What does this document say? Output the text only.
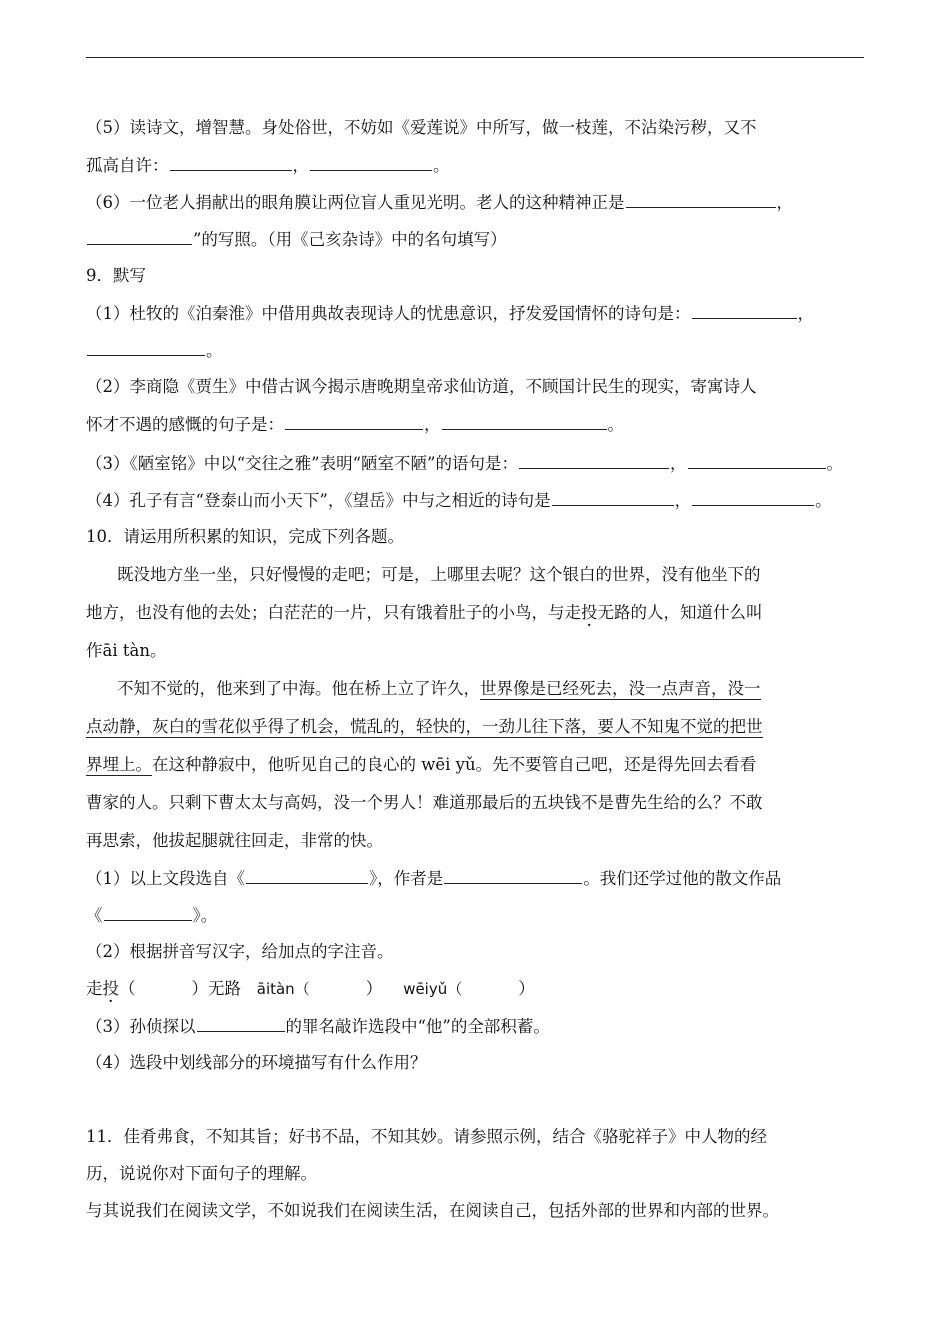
（5）读诗文，增智慧。身处俗世，不妨如《爱莲说》中所写，做一枝莲，不沾染污秽，又不
孤高自许：	，	。
（6）一位老人捐献出的眼角膜让两位盲人重见光明。老人的这种精神正是	，
”的写照。（用《己亥杂诗》中的名句填写）
9．默写
（1）杜牧的《泊秦淮》中借用典故表现诗人的忧患意识，抒发爱国情怀的诗句是：	，
。
（2）李商隐《贾生》中借古讽今揭示唐晚期皇帝求仙访道，不顾国计民生的现实，寄寓诗人
怀才不遇的感慨的句子是：	，	。
（3）《陋室铭》中以“交往之雅”表明“陋室不陋”的语句是：	，	。
（4）孔子有言“登泰山而小天下”，《望岳》中与之相近的诗句是	，	。
10．请运用所积累的知识，完成下列各题。
既没地方坐一坐，只好慢慢的走吧；可是，上哪里去呢？这个银白的世界，没有他坐下的
地方，也没有他的去处；白茫茫的一片，只有饿着肚子的小鸟，与走投无路的人，知道什么叫
作āi tàn。
不知不觉的，他来到了中海。他在桥上立了许久，世界像是已经死去，没一点声音，没一
点动静，灰白的雪花似乎得了机会，慌乱的，轻快的，一劲儿往下落，要人不知鬼不觉的把世
界埋上。在这种静寂中，他听见自己的良心的 wēi yǔ。先不要管自己吧，还是得先回去看看
曹家的人。只剩下曹太太与高妈，没一个男人！难道那最后的五块钱不是曹先生给的么？不敢
再思索，他拔起腿就往回走，非常的快。
（1）以上文段选自《	》，作者是	。我们还学过他的散文作品
《	》。
（2）根据拼音写汉字，给加点的字注音。
走投（	）无路 āitàn（	） wēiyǔ（	）
（3）孙侦探以	的罪名敲诈选段中“他”的全部积蓄。
（4）选段中划线部分的环境描写有什么作用？
11．佳肴弗食，不知其旨；好书不品，不知其妙。请参照示例，结合《骆驼祥子》中人物的经
历，说说你对下面句子的理解。
与其说我们在阅读文学，不如说我们在阅读生活，在阅读自己，包括外部的世界和内部的世界。
